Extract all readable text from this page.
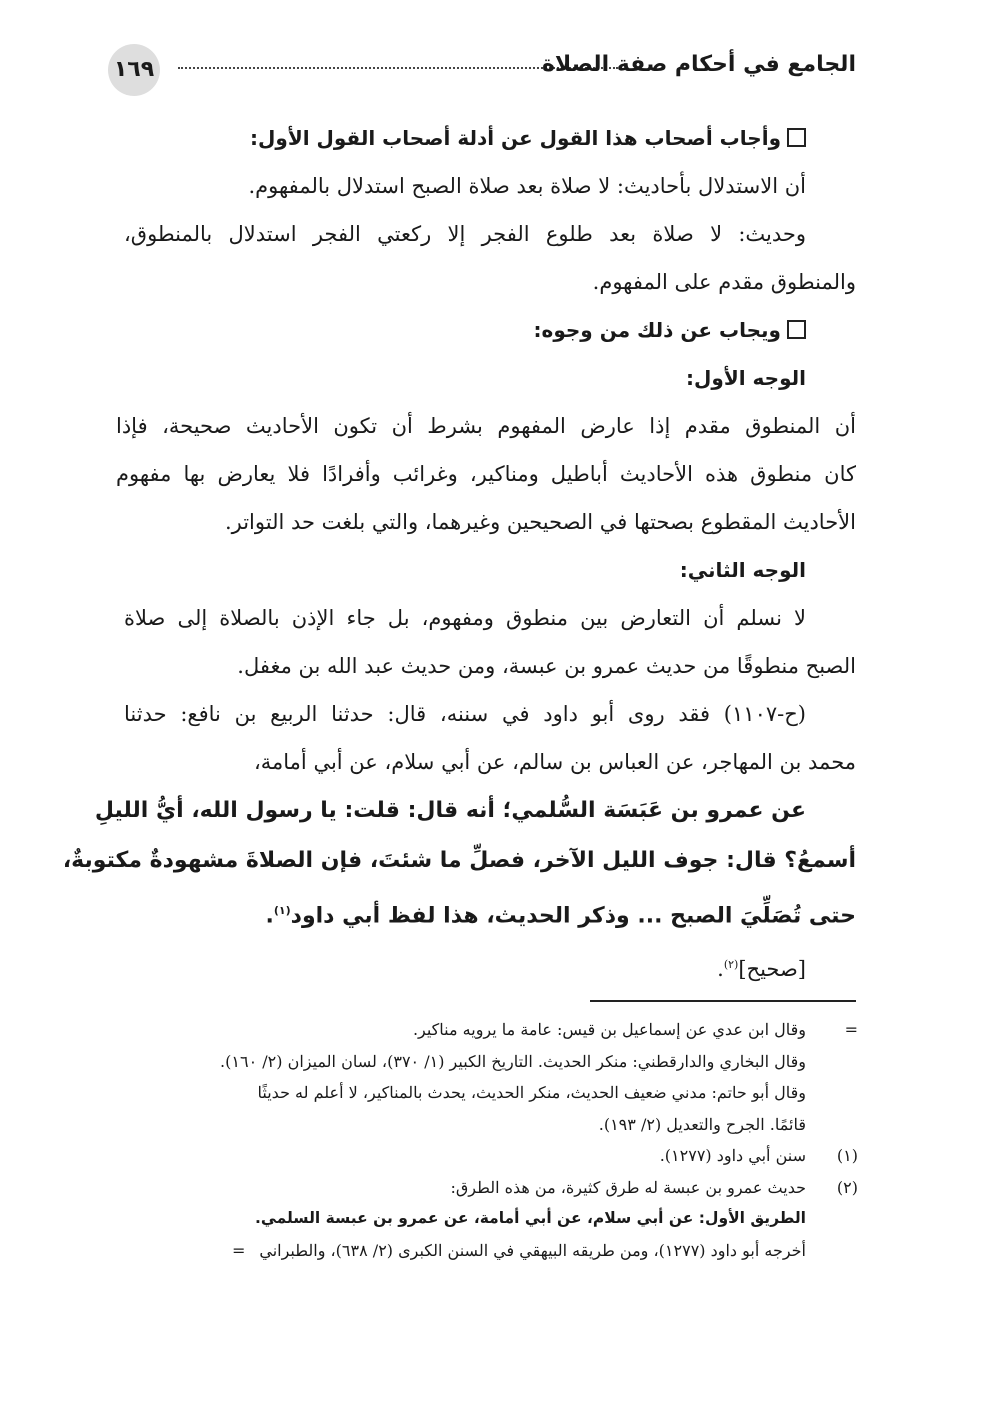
١٦٩	الجامع في أحكام صفة الصلاة
وأجاب أصحاب هذا القول عن أدلة أصحاب القول الأول:
أن الاستدلال بأحاديث: لا صلاة بعد صلاة الصبح استدلال بالمفهوم.
وحديث: لا صلاة بعد طلوع الفجر إلا ركعتي الفجر استدلال بالمنطوق،
والمنطوق مقدم على المفهوم.
ويجاب عن ذلك من وجوه:
الوجه الأول:
أن المنطوق مقدم إذا عارض المفهوم بشرط أن تكون الأحاديث صحيحة، فإذا
كان منطوق هذه الأحاديث أباطيل ومناكير، وغرائب وأفرادًا فلا يعارض بها مفهوم
الأحاديث المقطوع بصحتها في الصحيحين وغيرهما، والتي بلغت حد التواتر.
الوجه الثاني:
لا نسلم أن التعارض بين منطوق ومفهوم، بل جاء الإذن بالصلاة إلى صلاة
الصبح منطوقًا من حديث عمرو بن عبسة، ومن حديث عبد الله بن مغفل.
(ح-١١٠٧) فقد روى أبو داود في سننه، قال: حدثنا الربيع بن نافع: حدثنا
محمد بن المهاجر، عن العباس بن سالم، عن أبي سلام، عن أبي أمامة،
عن عمرو بن عَبَسَة السُّلمي؛ أنه قال: قلت: يا رسول الله، أيُّ الليلِ
أسمعُ؟ قال: جوف الليل الآخر، فصلِّ ما شئتَ، فإن الصلاةَ مشهودةٌ مكتوبةٌ،
حتى تُصَلِّيَ الصبح ... وذكر الحديث، هذا لفظ أبي داود$^{(١)}$.
[صحيح]$^{(٢)}$.
=
وقال ابن عدي عن إسماعيل بن قيس: عامة ما يرويه مناكير.
وقال البخاري والدارقطني: منكر الحديث. التاريخ الكبير (١/ ٣٧٠)، لسان الميزان (٢/ ١٦٠).
وقال أبو حاتم: مدني ضعيف الحديث، منكر الحديث، يحدث بالمناكير، لا أعلم له حديثًا
قائمًا. الجرح والتعديل (٢/ ١٩٣).
(١)
سنن أبي داود (١٢٧٧).
(٢)
حديث عمرو بن عبسة له طرق كثيرة، من هذه الطرق:
الطريق الأول: عن أبي سلام، عن أبي أمامة، عن عمرو بن عبسة السلمي.
أخرجه أبو داود (١٢٧٧)، ومن طريقه البيهقي في السنن الكبرى (٢/ ٦٣٨)، والطبراني=
